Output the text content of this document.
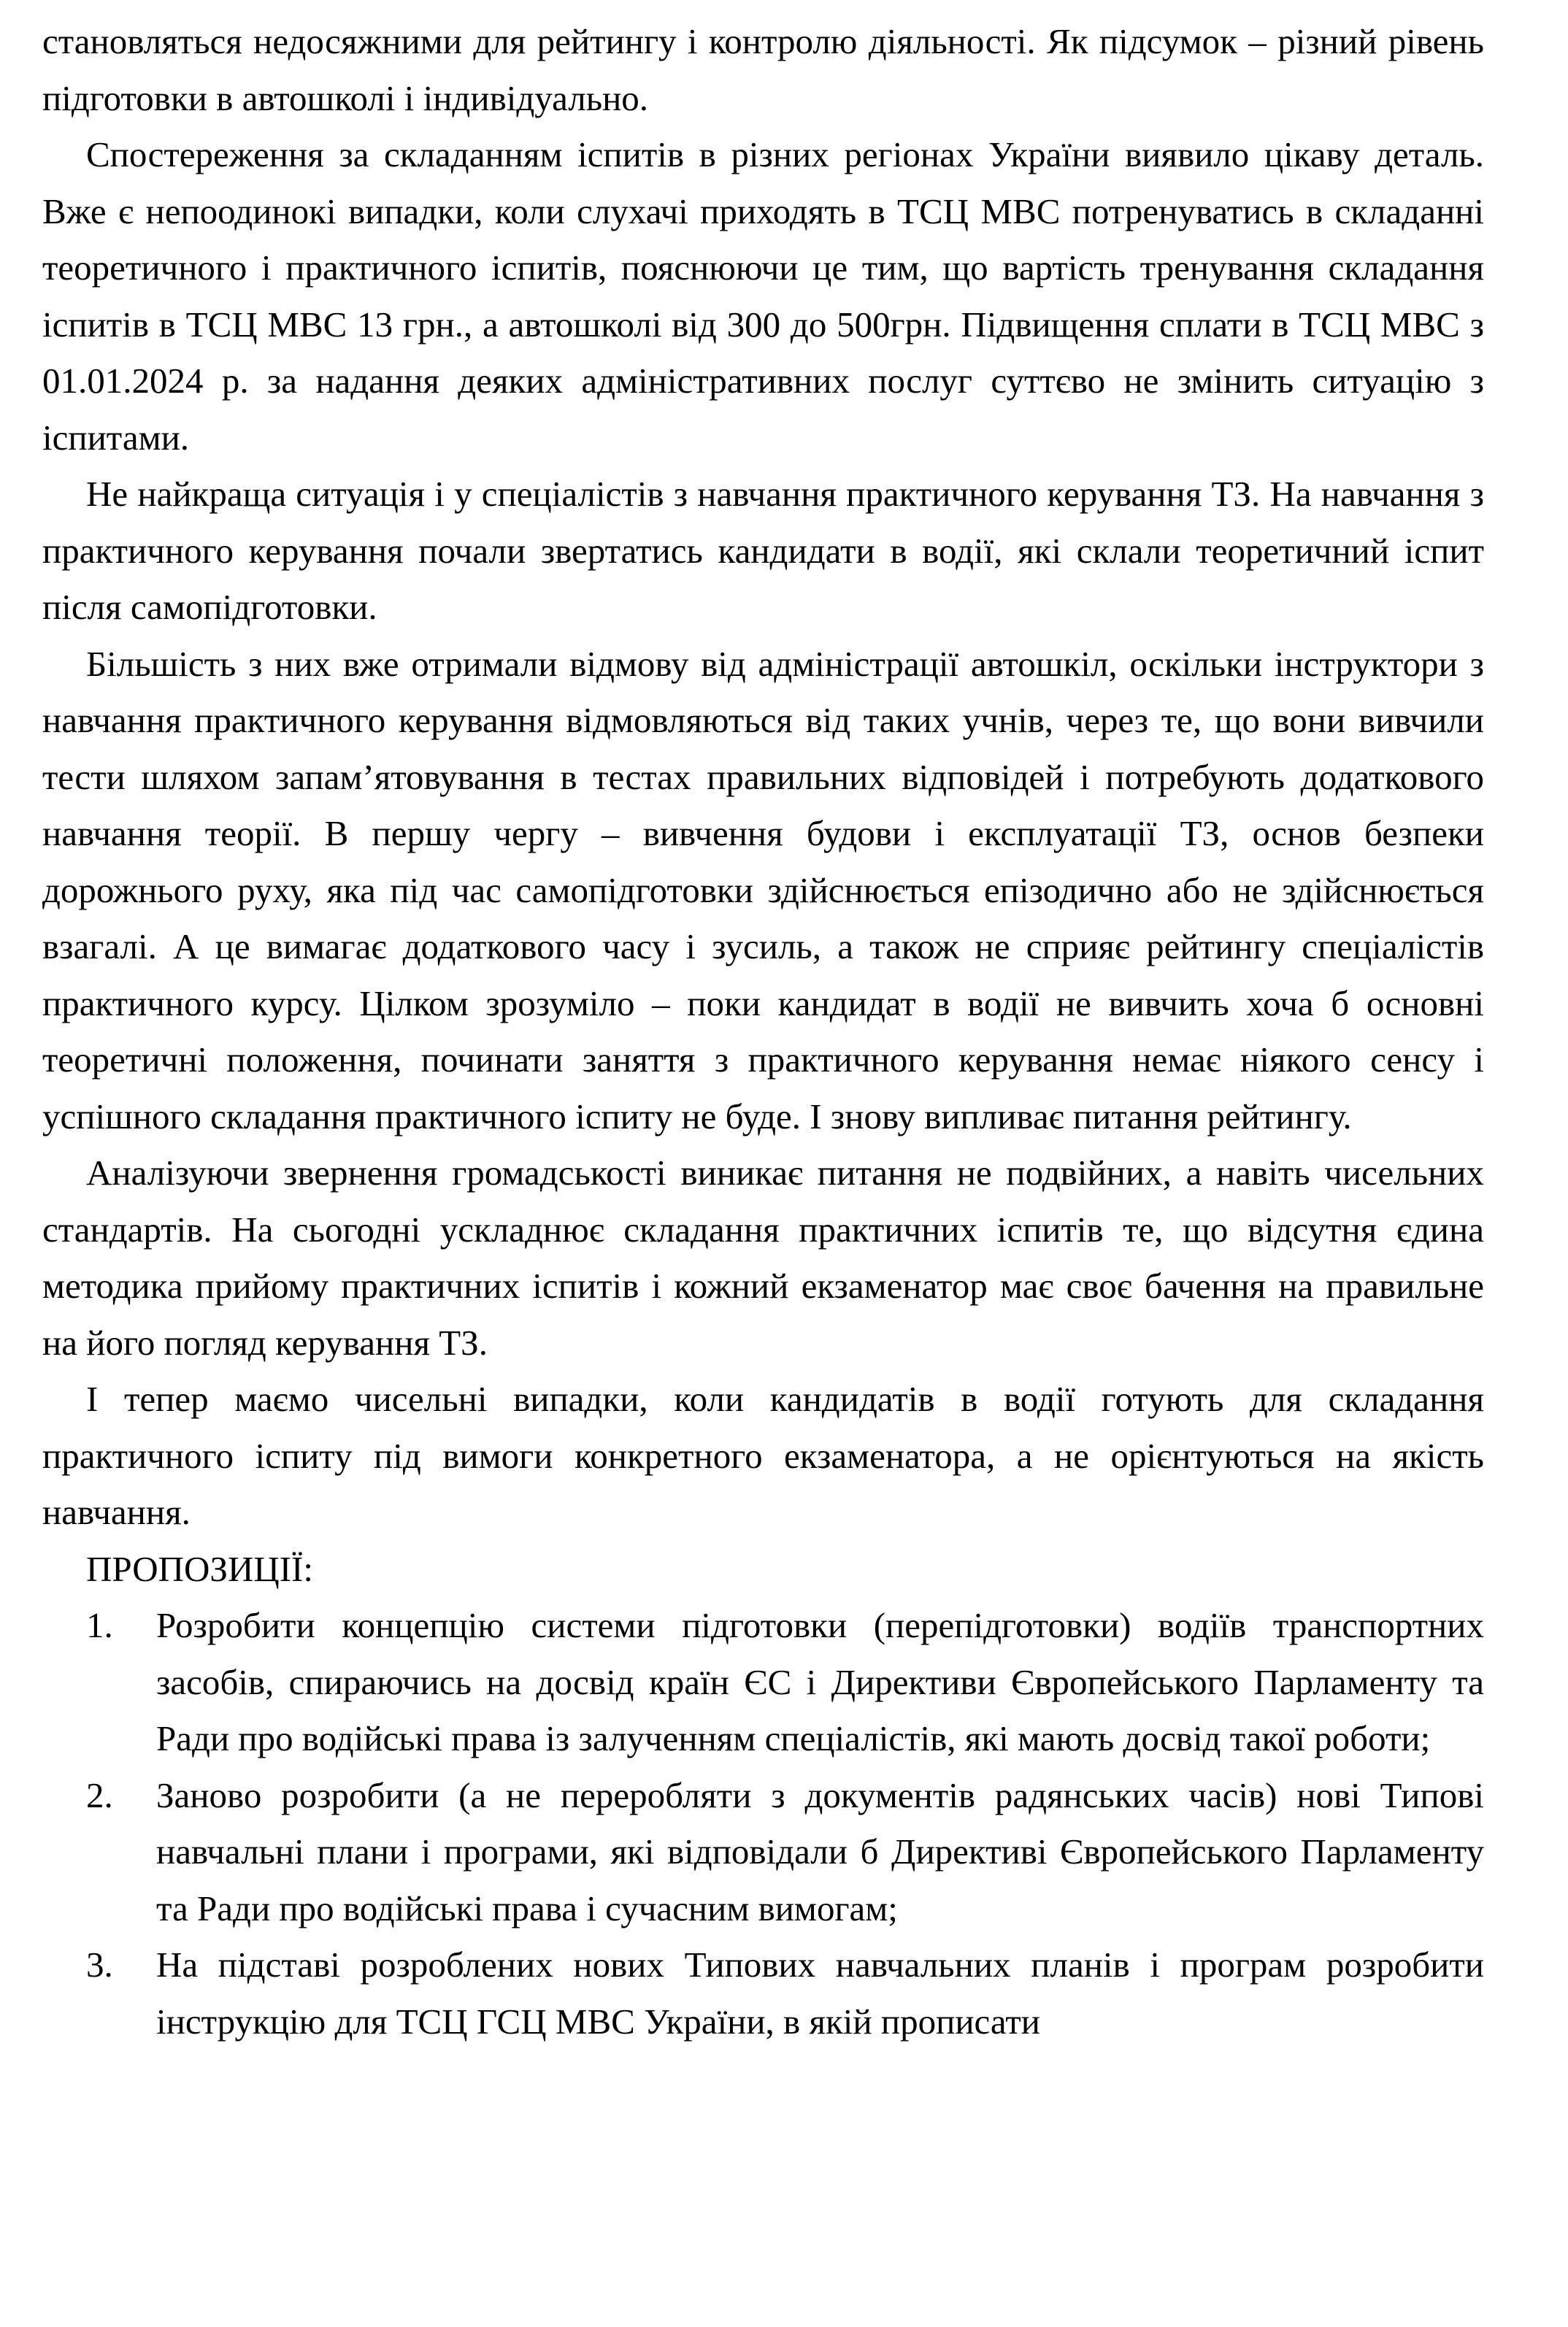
становляться недосяжними для рейтингу і контролю діяльності. Як підсумок – різний рівень підготовки в автошколі і індивідуально.

Спостереження за складанням іспитів в різних регіонах України виявило цікаву деталь. Вже є непоодинокі випадки, коли слухачі приходять в ТСЦ МВС потренуватись в складанні теоретичного і практичного іспитів, пояснюючи це тим, що вартість тренування складання іспитів в ТСЦ МВС 13 грн., а автошколі від 300 до 500грн. Підвищення сплати в ТСЦ МВС з 01.01.2024 р. за надання деяких адміністративних послуг суттєво не змінить ситуацію з іспитами.

Не найкраща ситуація і у спеціалістів з навчання практичного керування ТЗ. На навчання з практичного керування почали звертатись кандидати в водії, які склали теоретичний іспит після самопідготовки.

Більшість з них вже отримали відмову від адміністрації автошкіл, оскільки інструктори з навчання практичного керування відмовляються від таких учнів, через те, що вони вивчили тести шляхом запам’ятовування в тестах правильних відповідей і потребують додаткового навчання теорії. В першу чергу – вивчення будови і експлуатації ТЗ, основ безпеки дорожнього руху, яка під час самопідготовки здійснюється епізодично або не здійснюється взагалі. А це вимагає додаткового часу і зусиль, а також не сприяє рейтингу спеціалістів практичного курсу. Цілком зрозуміло – поки кандидат в водії не вивчить хоча б основні теоретичні положення, починати заняття з практичного керування немає ніякого сенсу і успішного складання практичного іспиту не буде. І знову випливає питання рейтингу.

Аналізуючи звернення громадськості виникає питання не подвійних, а навіть чисельних стандартів. На сьогодні ускладнює складання практичних іспитів те, що відсутня єдина методика прийому практичних іспитів і кожний екзаменатор має своє бачення на правильне на його погляд керування ТЗ.

І тепер маємо чисельні випадки, коли кандидатів в водії готують для складання практичного іспиту під вимоги конкретного екзаменатора, а не орієнтуються на якість навчання.

ПРОПОЗИЦІЇ:

1.	Розробити концепцію системи підготовки (перепідготовки) водіїв транспортних засобів, спираючись на досвід країн ЄС і Директиви Європейського Парламенту та Ради про водійські права із залученням спеціалістів, які мають досвід такої роботи;
2.	Заново розробити (а не переробляти з документів радянських часів) нові Типові навчальні плани і програми, які відповідали б Директиві Європейського Парламенту та Ради про водійські права і сучасним вимогам;
3.	На підставі розроблених нових Типових навчальних планів і програм розробити інструкцію для ТСЦ ГСЦ МВС України, в якій прописати
